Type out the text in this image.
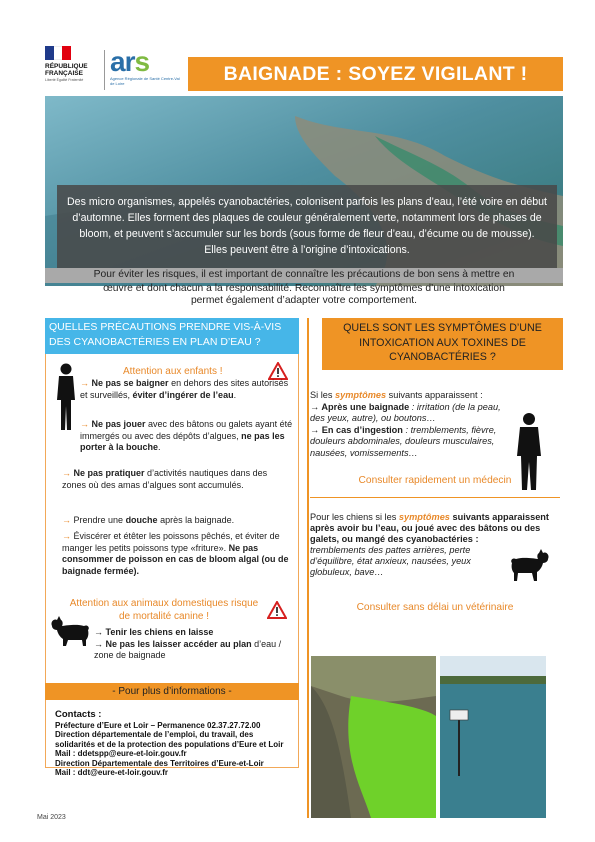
RÉPUBLIQUE
FRANÇAISE
Liberté Égalité Fraternité
ars
Agence Régionale de Santé Centre-Val de Loire	BAIGNADE : SOYEZ VIGILANT !
Des micro organismes, appelés cyanobactéries, colonisent parfois les plans d’eau, l’été voire en début d’automne. Elles forment des plaques de couleur généralement verte, notamment lors de phases de bloom, et peuvent s’accumuler sur les bords (sous forme de fleur d’eau, d’écume ou de mousse). Elles peuvent être à l’origine d’intoxications.
Pour éviter les risques, il est important de connaître les précautions de bon sens à mettre en
œuvre et dont chacun a la responsabilité. Reconnaître les symptômes d’une intoxication
permet également d’adapter votre comportement.
QUELLES PRÉCAUTIONS PRENDRE VIS-À-VIS DES CYANOBACTÉRIES EN PLAN D’EAU ?
Attention aux enfants !
→ Ne pas se baigner en dehors des sites autorisés et surveillés, éviter d’ingérer de l’eau.
→ Ne pas jouer avec des bâtons ou galets ayant été immergés ou avec des dépôts d’algues, ne pas les porter à la bouche.
→ Ne pas pratiquer d’activités nautiques dans des zones où des amas d’algues sont accumulés.
→ Prendre une douche après la baignade.
→ Éviscérer et étêter les poissons pêchés, et éviter de manger les petits poissons type «friture». Ne pas consommer de poisson en cas de bloom algal (ou de baignade fermée).
Attention aux animaux domestiques risque de mortalité canine !
→ Tenir les chiens en laisse
→ Ne pas les laisser accéder au plan d’eau / zone de baignade
- Pour plus d’informations -
Contacts :
Préfecture d’Eure et Loir – Permanence 02.37.27.72.00
Direction départementale de l’emploi, du travail, des solidarités et de la protection des populations d’Eure et Loir
Mail : ddetspp@eure-et-loir.gouv.fr
Direction Départementale des Territoires d’Eure-et-Loir
Mail : ddt@eure-et-loir.gouv.fr
QUELS SONT LES SYMPTÔMES D’UNE INTOXICATION AUX TOXINES DE CYANOBACTÉRIES ?
Si les symptômes suivants apparaissent :
→ Après une baignade : irritation (de la peau, des yeux, autre), ou boutons…
→ En cas d’ingestion : tremblements, fièvre, douleurs abdominales, douleurs musculaires, nausées, vomissements…
Consulter rapidement un médecin
Pour les chiens si les symptômes suivants apparaissent après avoir bu l’eau, ou joué avec des bâtons ou des galets, ou mangé des cyanobactéries :
tremblements des pattes arrières, perte d’équilibre, état anxieux, nausées, yeux globuleux, bave…
Consulter sans délai un vétérinaire
Mai 2023
